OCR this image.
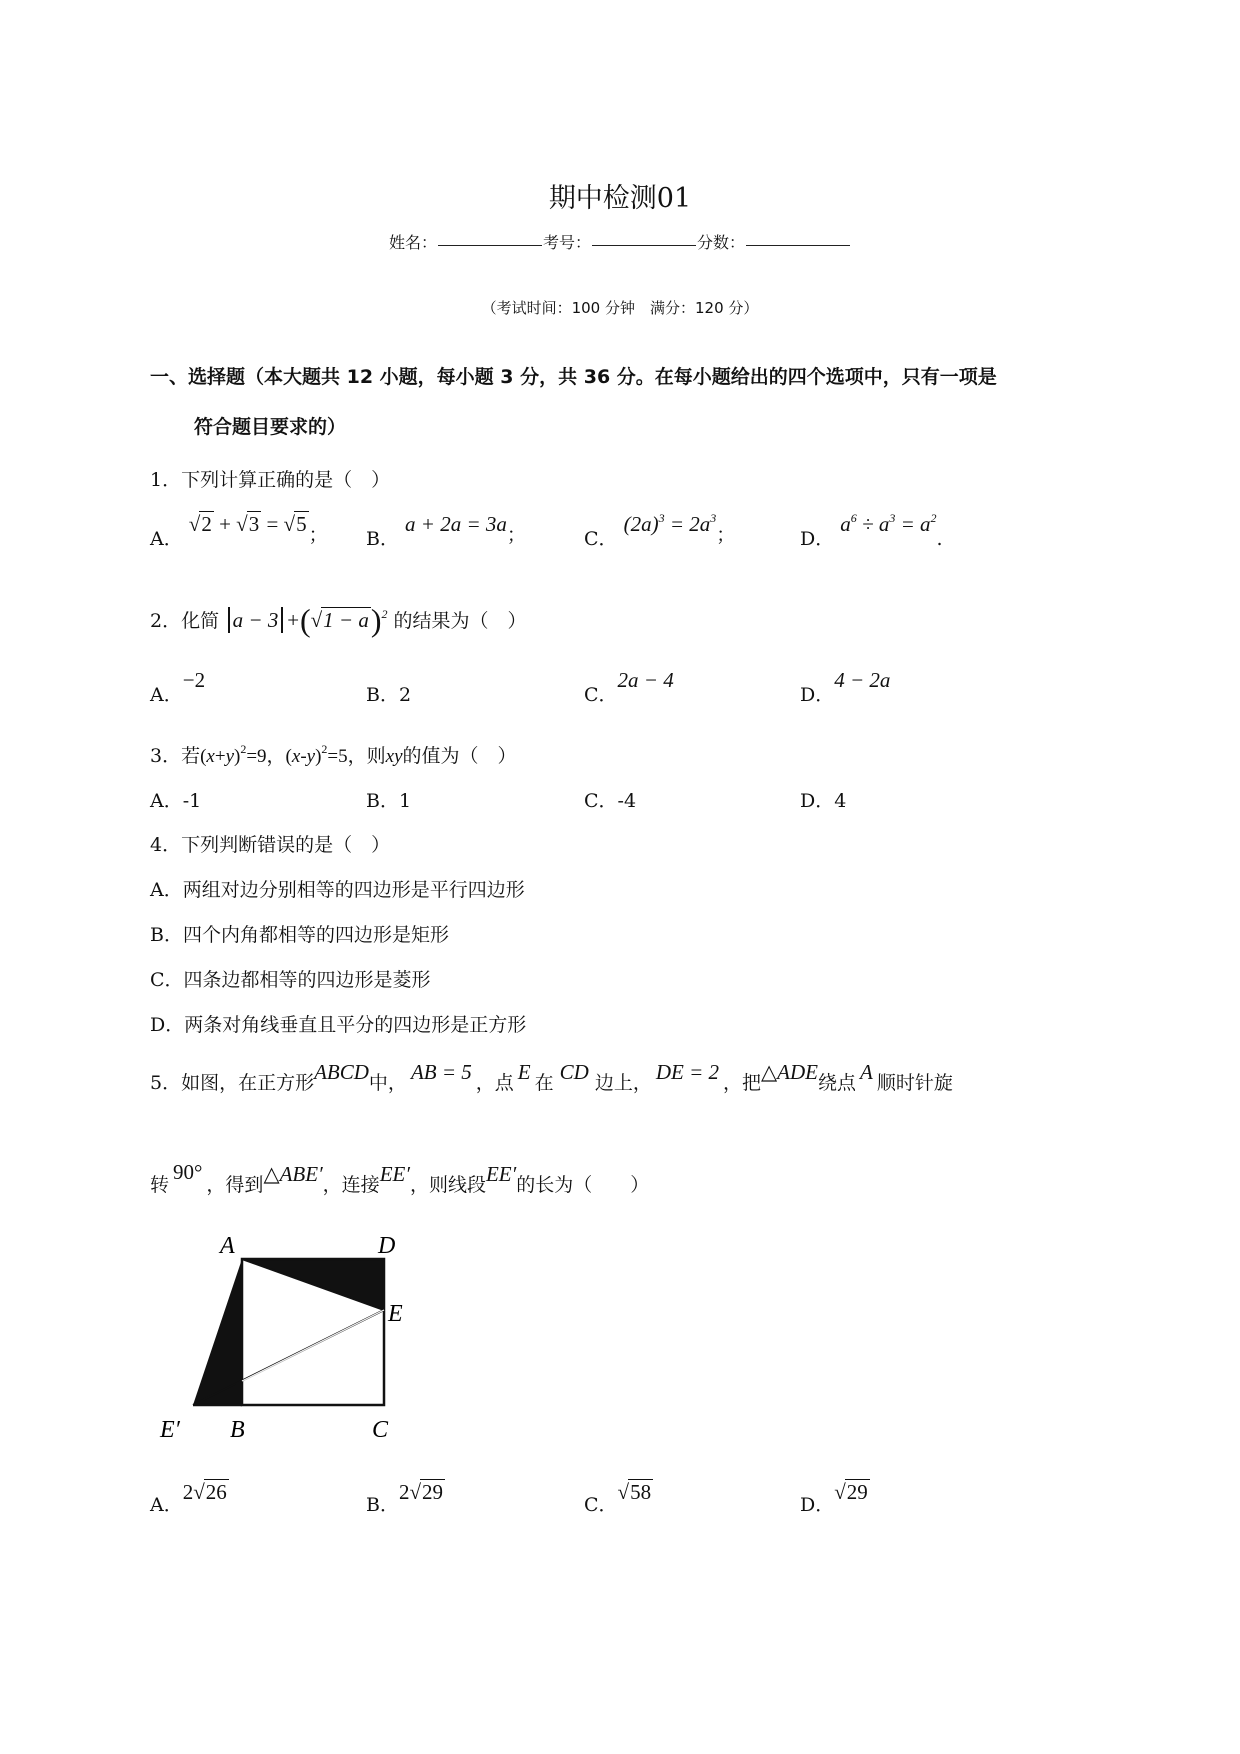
期中检测01
姓名：	考号：	分数：
（考试时间：100 分钟　满分：120 分）
一、选择题（本大题共 12 小题，每小题 3 分，共 36 分。在每小题给出的四个选项中，只有一项是
符合题目要求的）
1．下列计算正确的是（　）
A． √2 + √3 = √5 ； B． a + 2a = 3a；	C． $(2a)^3 = 2a^3$；	D． $a^6 \div a^3 = a^2$.
2．化简 $a - 3 +(√1 - a)^2$ 的结果为（　）
A．−2
B．2	C．2a − 4
D．4 − 2a
3．若$(x+y)^2=9$，$(x-y)^2=5$，则xy的值为（　）
A．-1	B．1	C．-4	D．4
4．下列判断错误的是（　）
A．两组对边分别相等的四边形是平行四边形
B．四个内角都相等的四边形是矩形
C．四条边都相等的四边形是菱形
D．两条对角线垂直且平分的四边形是正方形
5．如图，在正方形ABCD中， AB = 5 ，点 E 在 CD 边上， DE = 2 ，把△ADE绕点 A 顺时针旋
转90°，得到△ABE′，连接EE′，则线段EE′的长为（　　）
A	D
E
E′ B	C
A．2√26
B．2√29
C．√58
D．√29
